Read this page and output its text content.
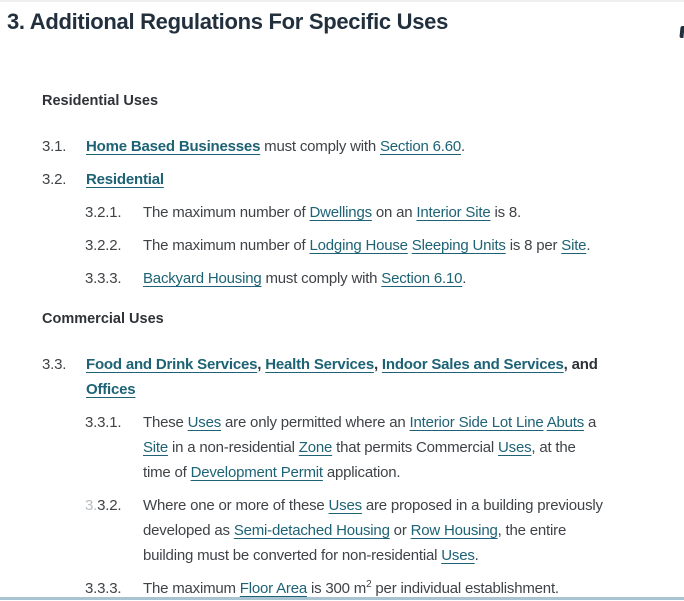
3. Additional Regulations For Specific Uses
Residential Uses
3.1.	Home Based Businesses must comply with Section 6.60.
3.2.	Residential
3.2.1.	The maximum number of Dwellings on an Interior Site is 8.
3.2.2.	The maximum number of Lodging House Sleeping Units is 8 per Site.
3.3.3.	Backyard Housing must comply with Section 6.10.
Commercial Uses
3.3.	Food and Drink Services, Health Services, Indoor Sales and Services, and
Offices
3.3.1.	These Uses are only permitted where an Interior Side Lot Line Abuts a
Site in a non-residential Zone that permits Commercial Uses, at the
time of Development Permit application.
3.3.2.	Where one or more of these Uses are proposed in a building previously
developed as Semi-detached Housing or Row Housing, the entire
building must be converted for non-residential Uses.
3.3.3.	The maximum Floor Area is 300 $m^2$ per individual establishment.
